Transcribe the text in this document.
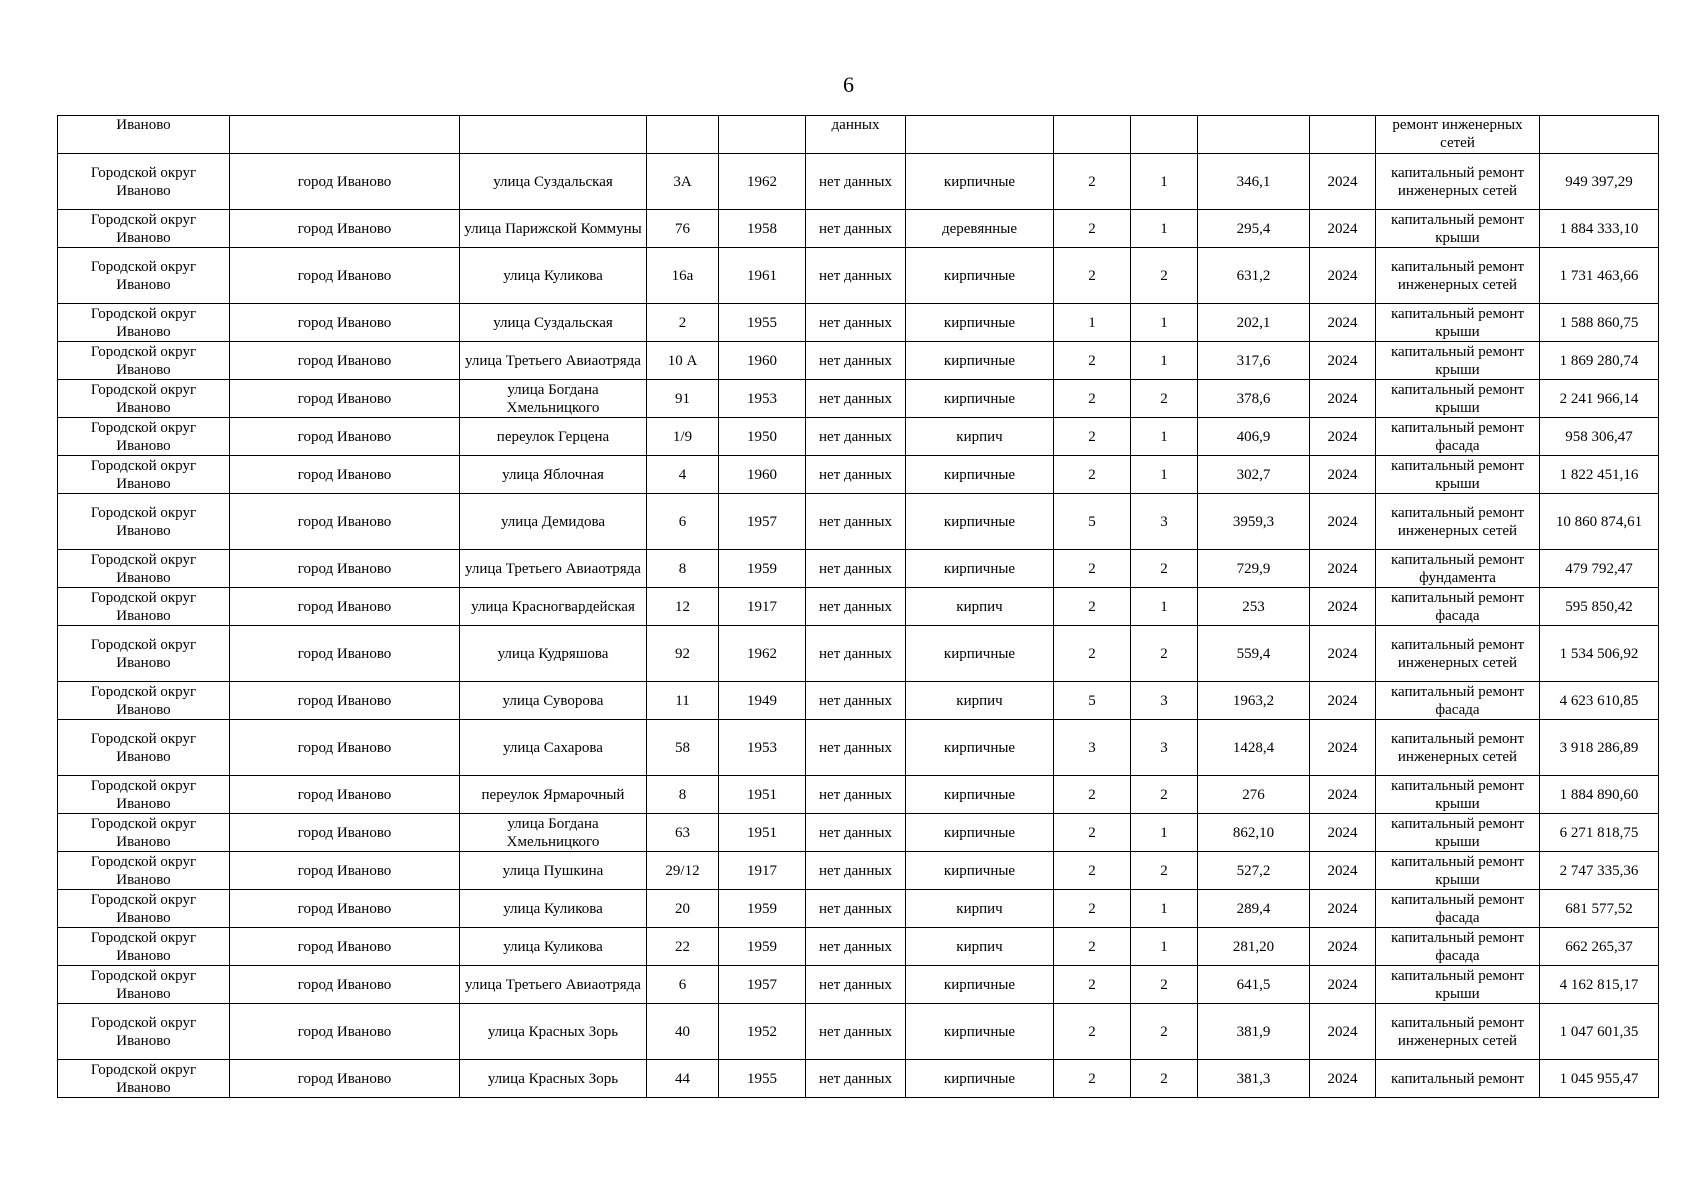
6
Иваново					данных						ремонт инженерных сетей	
Городской округ Иваново	город Иваново	улица Суздальская	3А	1962	нет данных	кирпичные	2	1	346,1	2024	капитальный ремонт инженерных сетей	949 397,29
Городской округ Иваново	город Иваново	улица Парижской Коммуны	76	1958	нет данных	деревянные	2	1	295,4	2024	капитальный ремонт крыши	1 884 333,10
Городской округ Иваново	город Иваново	улица Куликова	16а	1961	нет данных	кирпичные	2	2	631,2	2024	капитальный ремонт инженерных сетей	1 731 463,66
Городской округ Иваново	город Иваново	улица Суздальская	2	1955	нет данных	кирпичные	1	1	202,1	2024	капитальный ремонт крыши	1 588 860,75
Городской округ Иваново	город Иваново	улица Третьего Авиаотряда	10 А	1960	нет данных	кирпичные	2	1	317,6	2024	капитальный ремонт крыши	1 869 280,74
Городской округ Иваново	город Иваново	улица Богдана Хмельницкого	91	1953	нет данных	кирпичные	2	2	378,6	2024	капитальный ремонт крыши	2 241 966,14
Городской округ Иваново	город Иваново	переулок Герцена	1/9	1950	нет данных	кирпич	2	1	406,9	2024	капитальный ремонт фасада	958 306,47
Городской округ Иваново	город Иваново	улица Яблочная	4	1960	нет данных	кирпичные	2	1	302,7	2024	капитальный ремонт крыши	1 822 451,16
Городской округ Иваново	город Иваново	улица Демидова	6	1957	нет данных	кирпичные	5	3	3959,3	2024	капитальный ремонт инженерных сетей	10 860 874,61
Городской округ Иваново	город Иваново	улица Третьего Авиаотряда	8	1959	нет данных	кирпичные	2	2	729,9	2024	капитальный ремонт фундамента	479 792,47
Городской округ Иваново	город Иваново	улица Красногвардейская	12	1917	нет данных	кирпич	2	1	253	2024	капитальный ремонт фасада	595 850,42
Городской округ Иваново	город Иваново	улица Кудряшова	92	1962	нет данных	кирпичные	2	2	559,4	2024	капитальный ремонт инженерных сетей	1 534 506,92
Городской округ Иваново	город Иваново	улица Суворова	11	1949	нет данных	кирпич	5	3	1963,2	2024	капитальный ремонт фасада	4 623 610,85
Городской округ Иваново	город Иваново	улица Сахарова	58	1953	нет данных	кирпичные	3	3	1428,4	2024	капитальный ремонт инженерных сетей	3 918 286,89
Городской округ Иваново	город Иваново	переулок Ярмарочный	8	1951	нет данных	кирпичные	2	2	276	2024	капитальный ремонт крыши	1 884 890,60
Городской округ Иваново	город Иваново	улица Богдана Хмельницкого	63	1951	нет данных	кирпичные	2	1	862,10	2024	капитальный ремонт крыши	6 271 818,75
Городской округ Иваново	город Иваново	улица Пушкина	29/12	1917	нет данных	кирпичные	2	2	527,2	2024	капитальный ремонт крыши	2 747 335,36
Городской округ Иваново	город Иваново	улица Куликова	20	1959	нет данных	кирпич	2	1	289,4	2024	капитальный ремонт фасада	681 577,52
Городской округ Иваново	город Иваново	улица Куликова	22	1959	нет данных	кирпич	2	1	281,20	2024	капитальный ремонт фасада	662 265,37
Городской округ Иваново	город Иваново	улица Третьего Авиаотряда	6	1957	нет данных	кирпичные	2	2	641,5	2024	капитальный ремонт крыши	4 162 815,17
Городской округ Иваново	город Иваново	улица Красных Зорь	40	1952	нет данных	кирпичные	2	2	381,9	2024	капитальный ремонт инженерных сетей	1 047 601,35
Городской округ Иваново	город Иваново	улица Красных Зорь	44	1955	нет данных	кирпичные	2	2	381,3	2024	капитальный ремонт	1 045 955,47
